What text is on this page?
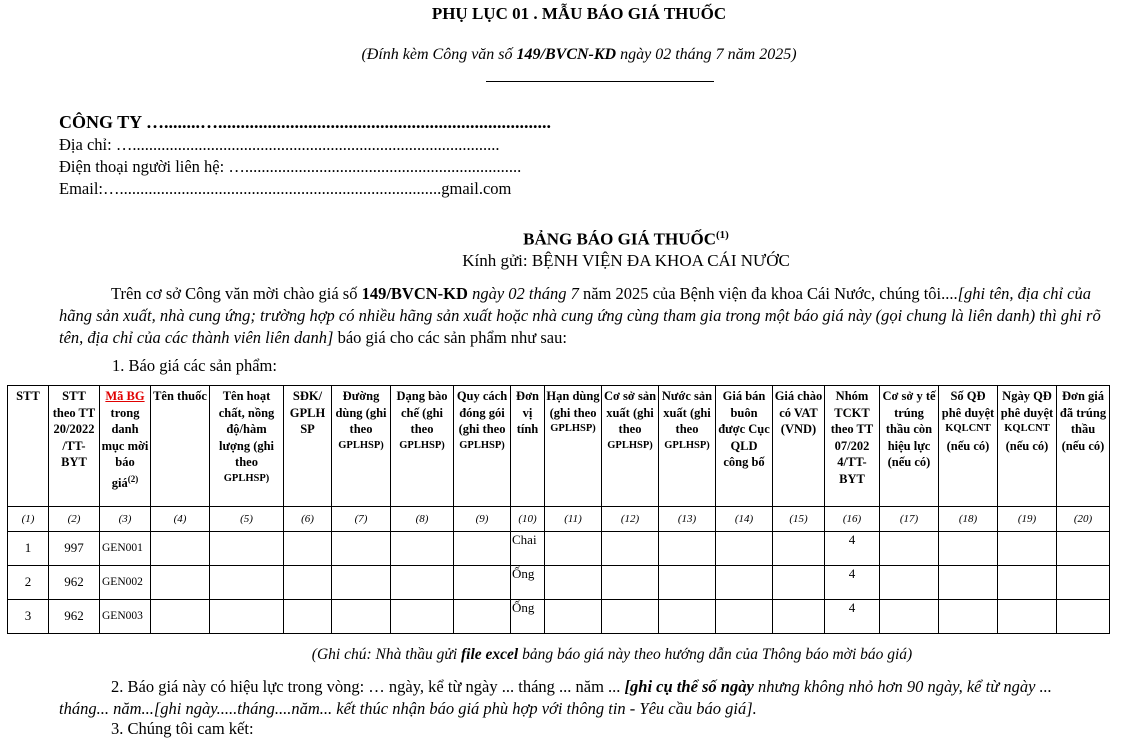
PHỤ LỤC 01 . MẪU BÁO GIÁ THUỐC
(Đính kèm Công văn số 149/BVCN-KD ngày 02 tháng 7 năm 2025)
CÔNG TY …........…..........................................................................
Địa chỉ: ….........................................................................................
Điện thoại người liên hệ: …...................................................................
Email:…..............................................................................gmail.com
BẢNG BÁO GIÁ THUỐC$^{(1)}$
Kính gửi: BỆNH VIỆN ĐA KHOA CÁI NƯỚC
Trên cơ sở Công văn mời chào giá số 149/BVCN-KD ngày 02 tháng 7 năm 2025 của Bệnh viện đa khoa Cái Nước, chúng tôi....[ghi tên, địa chỉ của hãng sản xuất, nhà cung ứng; trường hợp có nhiều hãng sản xuất hoặc nhà cung ứng cùng tham gia trong một báo giá này (gọi chung là liên danh) thì ghi rõ tên, địa chỉ của các thành viên liên danh] báo giá cho các sản phẩm như sau:
1. Báo giá các sản phẩm:
STT	STT theo TT 20/2022 /TT-BYT	Mã BG trong danh mục mời báo giá$^{(2)}$	Tên thuốc	Tên hoạt chất, nồng độ/hàm lượng (ghi theo
GPLHSP)	SĐK/ GPLH SP	Đường dùng (ghi theo
GPLHSP)	Dạng bào chế (ghi theo
GPLHSP)	Quy cách đóng gói (ghi theo
GPLHSP)	Đơn vị tính	Hạn dùng (ghi theo
GPLHSP)	Cơ sở sản xuất (ghi theo
GPLHSP)	Nước sản xuất (ghi theo
GPLHSP)	Giá bán buôn được Cục QLD công bố	Giá chào có VAT (VND)	Nhóm TCKT theo TT 07/202 4/TT-BYT	Cơ sở y tế trúng thầu còn hiệu lực (nếu có)	Số QĐ phê duyệt
KQLCNT
(nếu có)	Ngày QĐ phê duyệt
KQLCNT
(nếu có)	Đơn giá đã trúng thầu (nếu có)
(1)	(2)	(3)	(4)	(5)	(6)	(7)	(8)	(9)	(10)	(11)	(12)	(13)	(14)	(15)	(16)	(17)	(18)	(19)	(20)
1	997	GEN001							Chai						4				
2	962	GEN002							Ống						4				
3	962	GEN003							Ống						4				
(Ghi chú: Nhà thầu gửi file excel bảng báo giá này theo hướng dẫn của Thông báo mời báo giá)
2. Báo giá này có hiệu lực trong vòng: … ngày, kể từ ngày ... tháng ... năm ... [ghi cụ thể số ngày nhưng không nhỏ hơn 90 ngày, kể từ ngày ... tháng... năm...[ghi ngày.....tháng....năm... kết thúc nhận báo giá phù hợp với thông tin - Yêu cầu báo giá].
3. Chúng tôi cam kết:
